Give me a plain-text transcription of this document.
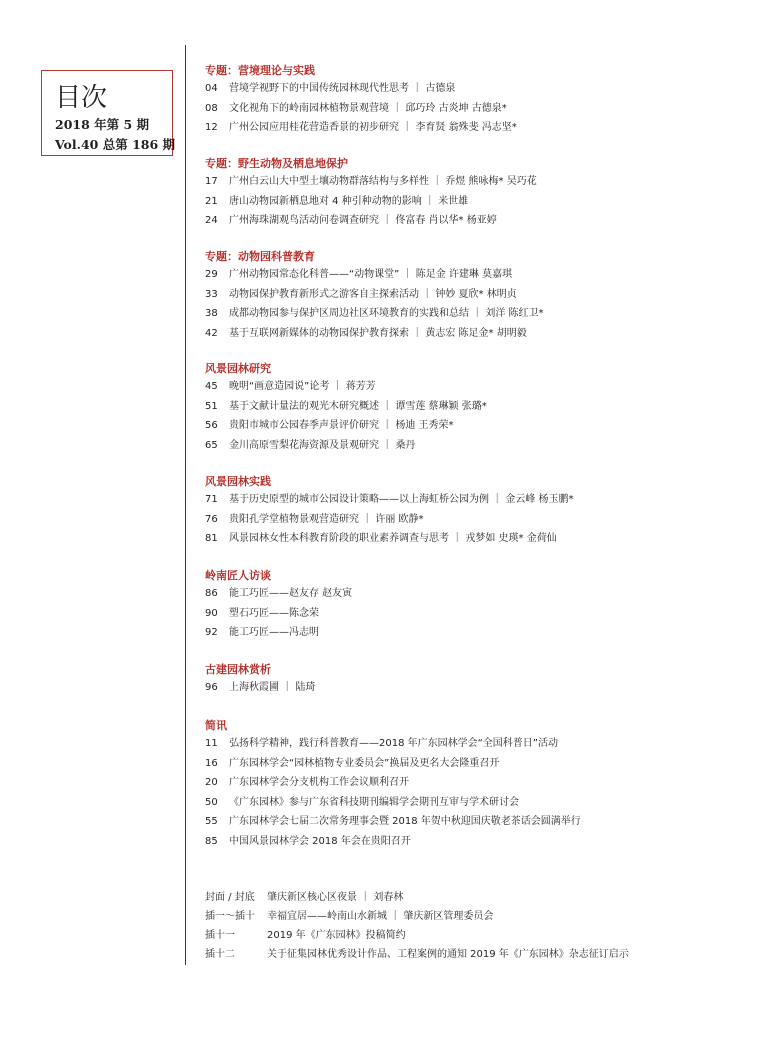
目次
2018 年第 5 期
Vol.40 总第 186 期
专题：营境理论与实践
04 营境学视野下的中国传统园林现代性思考 ｜ 古德泉
08 文化视角下的岭南园林植物景观营境 ｜ 邱巧玲 古炎坤 古德泉*
12 广州公园应用桂花营造香景的初步研究 ｜ 李育贤 翁殊斐 冯志坚*
专题：野生动物及栖息地保护
17 广州白云山大中型土壤动物群落结构与多样性 ｜ 乔煜 熊咏梅* 吴巧花
21 唐山动物园新栖息地对 4 种引种动物的影响 ｜ 米世雄
24 广州海珠湖观鸟活动问卷调查研究 ｜ 佟富春 肖以华* 杨亚婷
专题：动物园科普教育
29 广州动物园常态化科普——“动物课堂” ｜ 陈足金 许建琳 莫嘉琪
33 动物园保护教育新形式之游客自主探索活动 ｜ 钟妙 夏欣* 林明贞
38 成都动物园参与保护区周边社区环境教育的实践和总结 ｜ 刘洋 陈红卫*
42 基于互联网新媒体的动物园保护教育探索 ｜ 黄志宏 陈足金* 胡明毅
风景园林研究
45 晚明“画意造园说”论考 ｜ 蒋芳芳
51 基于文献计量法的观光木研究概述 ｜ 谭雪莲 蔡琳颖 张璐*
56 贵阳市城市公园春季声景评价研究 ｜ 杨迪 王秀荣*
65 金川高原雪梨花海资源及景观研究 ｜ 桑丹
风景园林实践
71 基于历史原型的城市公园设计策略——以上海虹桥公园为例 ｜ 金云峰 杨玉鹏*
76 贵阳孔学堂植物景观营造研究 ｜ 许丽 欧静*
81 风景园林女性本科教育阶段的职业素养调查与思考 ｜ 戎梦如 史瑛* 金荷仙
岭南匠人访谈
86 能工巧匠——赵友存 赵友寅
90 塑石巧匠——陈念荣
92 能工巧匠——冯志明
古建园林赏析
96 上海秋霞圃 ｜ 陆琦
简讯
11 弘扬科学精神，践行科普教育——2018 年广东园林学会“全国科普日”活动
16 广东园林学会“园林植物专业委员会”换届及更名大会隆重召开
20 广东园林学会分支机构工作会议顺利召开
50 《广东园林》参与广东省科技期刊编辑学会期刊互审与学术研讨会
55 广东园林学会七届二次常务理事会暨 2018 年贺中秋迎国庆敬老茶话会圆满举行
85 中国风景园林学会 2018 年会在贵阳召开
封面 / 封底 肇庆新区核心区夜景 ｜ 刘春林
插一～插十 幸福宜居——岭南山水新城 ｜ 肇庆新区管理委员会
插十一	2019 年《广东园林》投稿简约
插十二	关于征集园林优秀设计作品、工程案例的通知 2019 年《广东园林》杂志征订启示
